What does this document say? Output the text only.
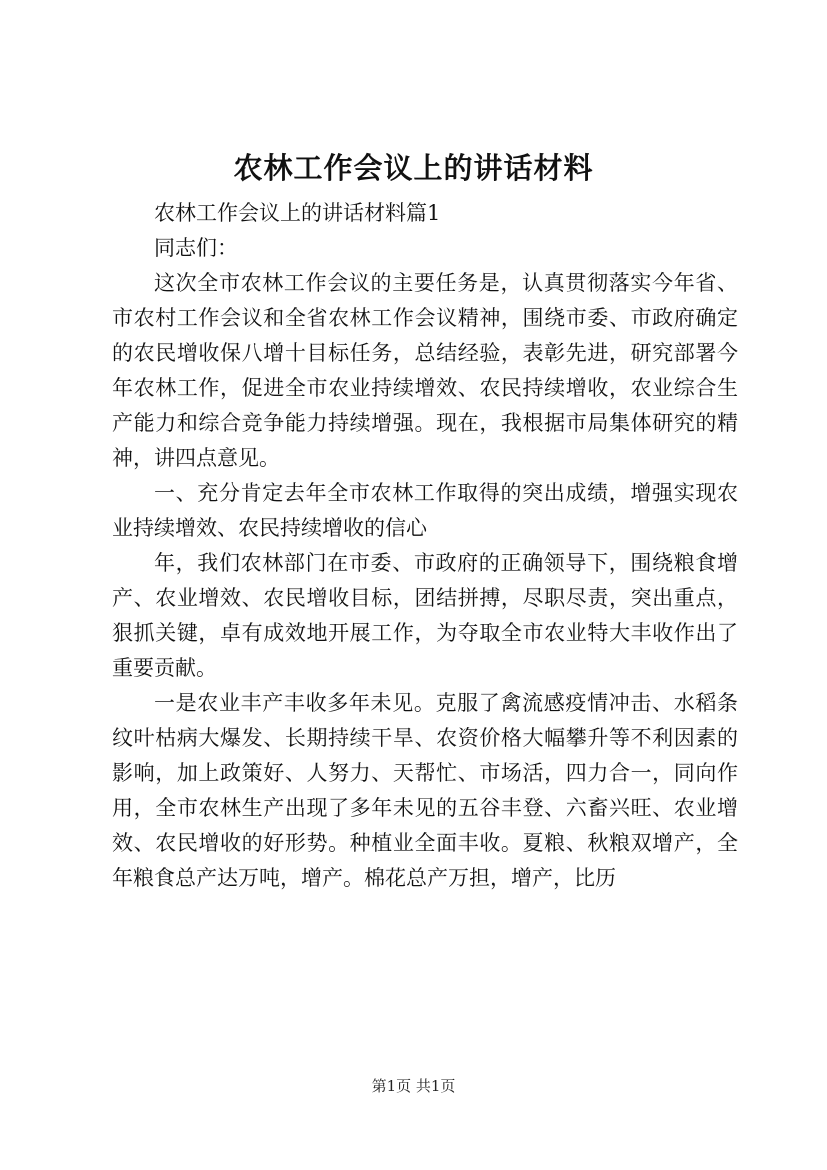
农林工作会议上的讲话材料

农林工作会议上的讲话材料篇1

同志们：

这次全市农林工作会议的主要任务是，认真贯彻落实今年省、市农村工作会议和全省农林工作会议精神，围绕市委、市政府确定的农民增收保八增十目标任务，总结经验，表彰先进，研究部署今年农林工作，促进全市农业持续增效、农民持续增收，农业综合生产能力和综合竞争能力持续增强。现在，我根据市局集体研究的精神，讲四点意见。

一、充分肯定去年全市农林工作取得的突出成绩，增强实现农业持续增效、农民持续增收的信心

年，我们农林部门在市委、市政府的正确领导下，围绕粮食增产、农业增效、农民增收目标，团结拼搏，尽职尽责，突出重点，狠抓关键，卓有成效地开展工作，为夺取全市农业特大丰收作出了重要贡献。

一是农业丰产丰收多年未见。克服了禽流感疫情冲击、水稻条纹叶枯病大爆发、长期持续干旱、农资价格大幅攀升等不利因素的影响，加上政策好、人努力、天帮忙、市场活，四力合一，同向作用，全市农林生产出现了多年未见的五谷丰登、六畜兴旺、农业增效、农民增收的好形势。种植业全面丰收。夏粮、秋粮双增产，全年粮食总产达万吨，增产。棉花总产万担，增产，比历

第1页 共1页
